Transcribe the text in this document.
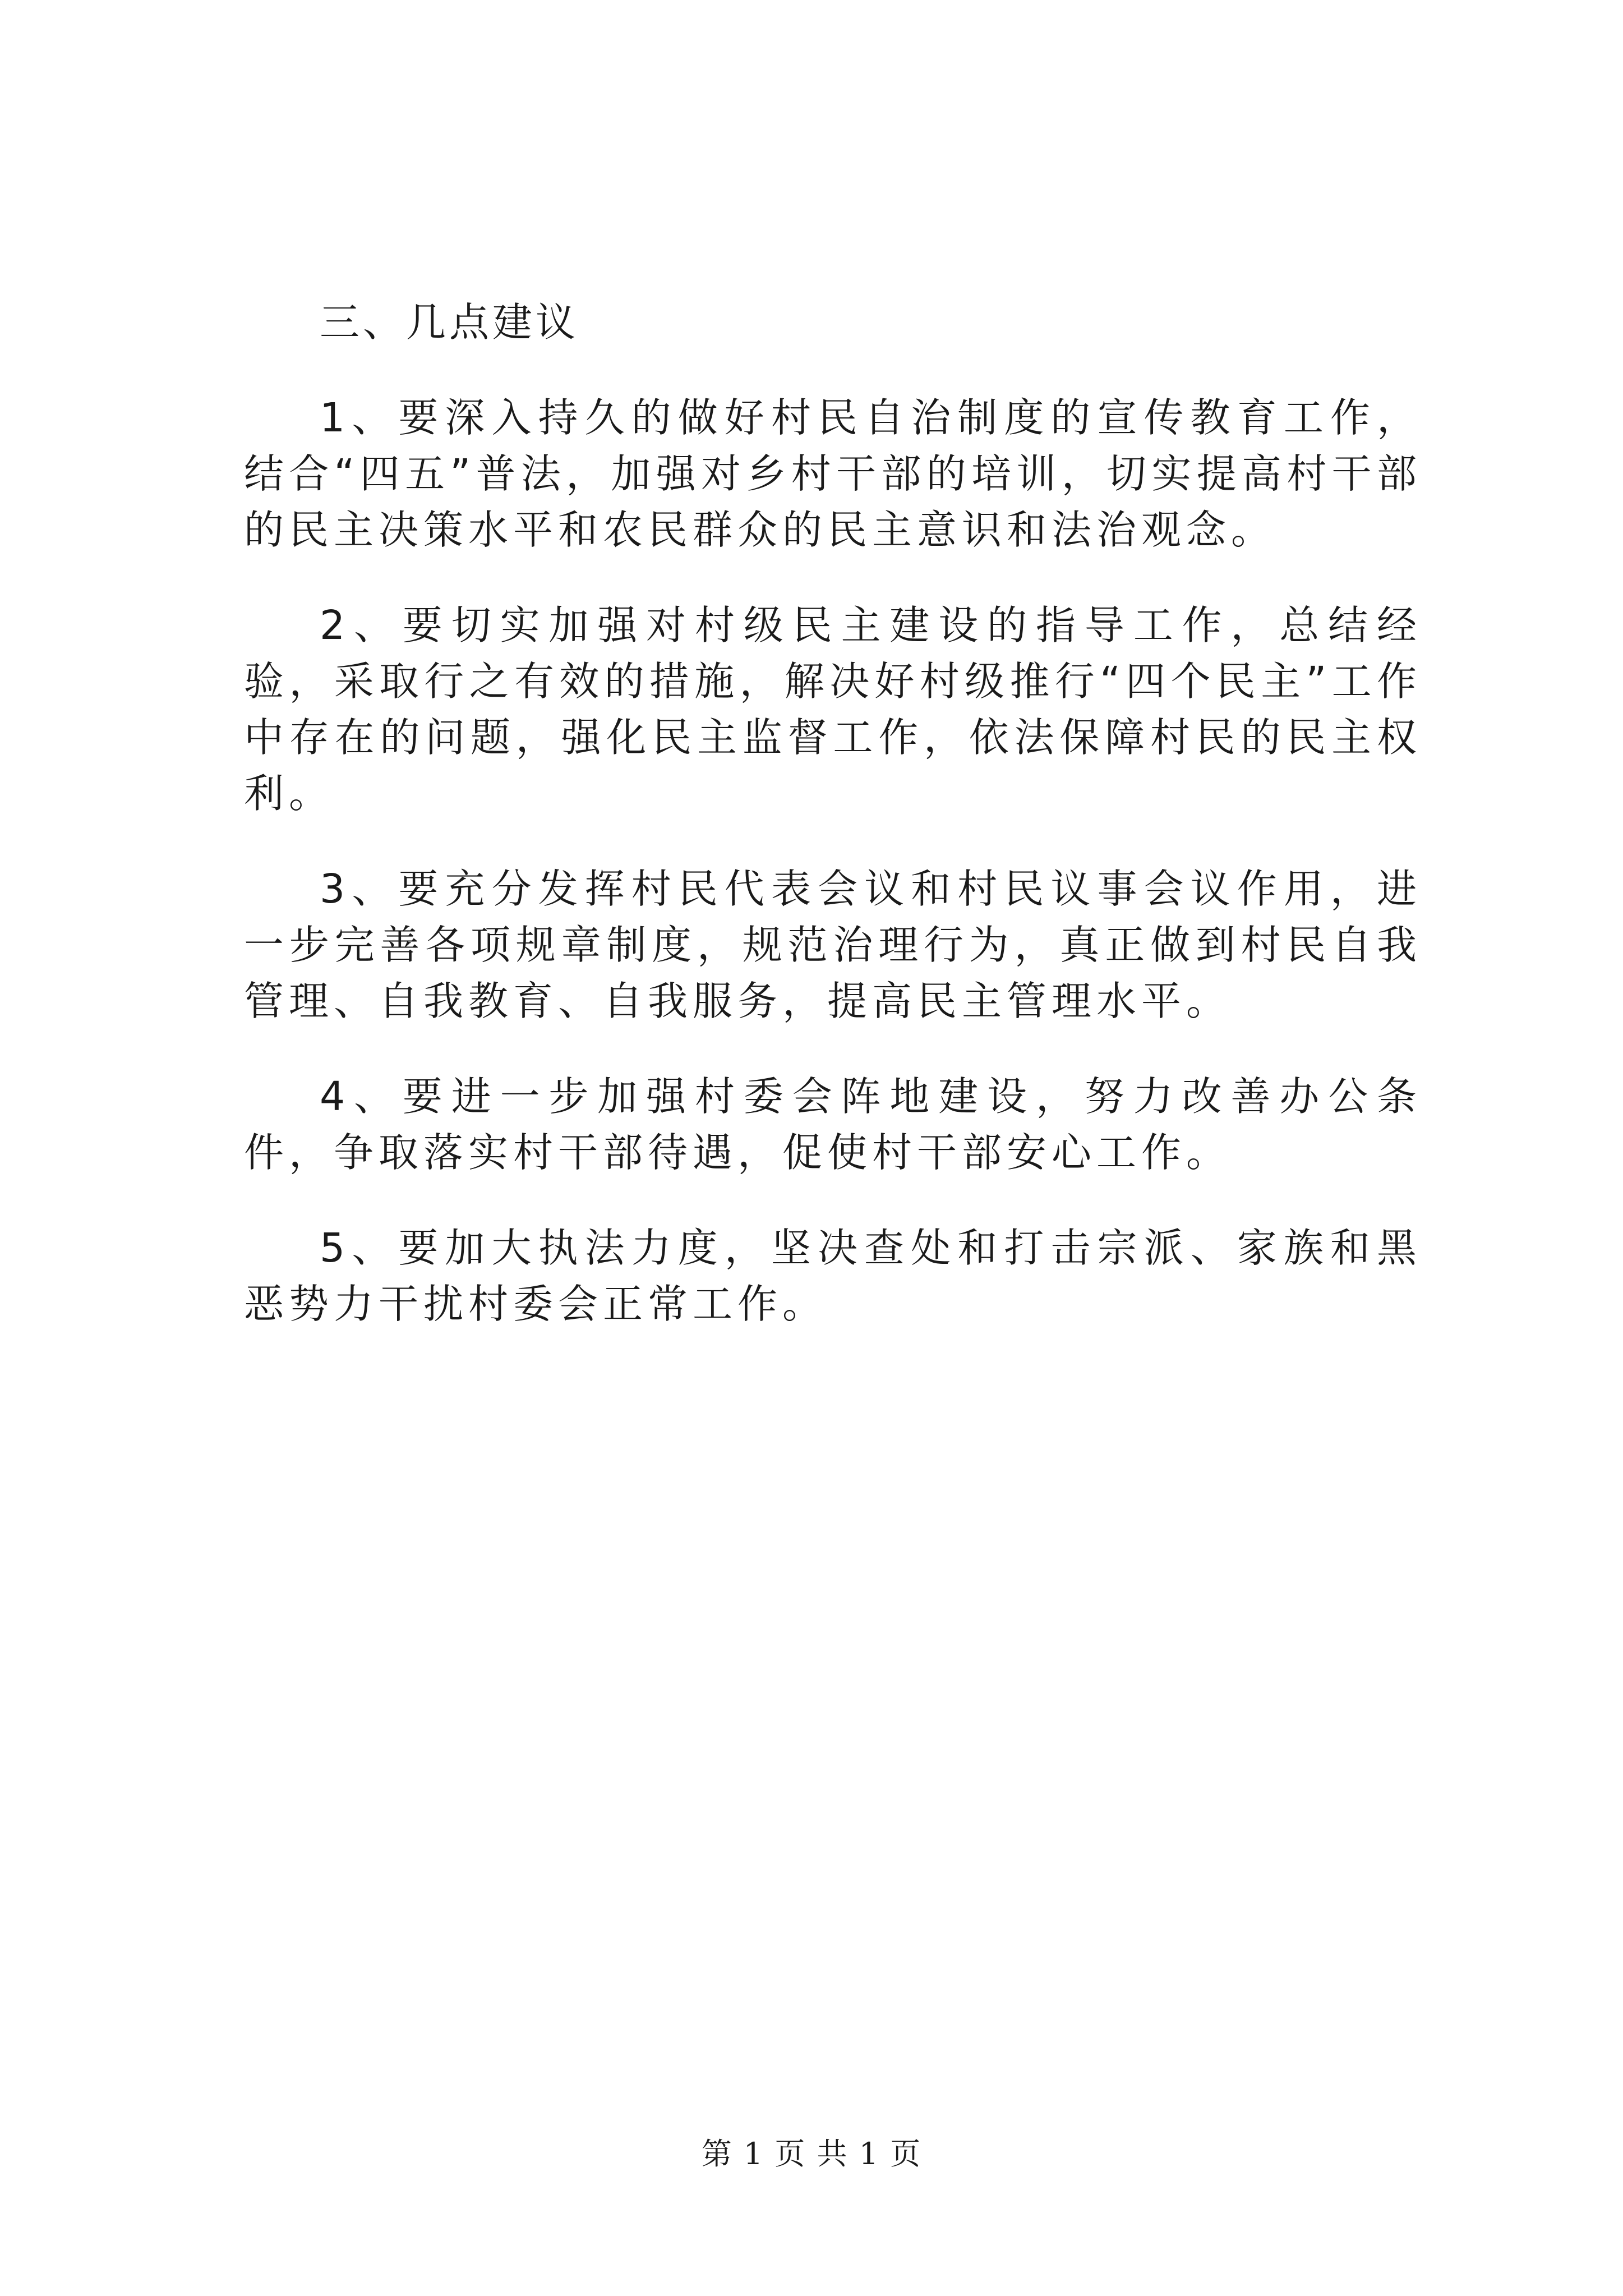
三、几点建议

1、要深入持久的做好村民自治制度的宣传教育工作，结合“四五”普法，加强对乡村干部的培训，切实提高村干部的民主决策水平和农民群众的民主意识和法治观念。

2、要切实加强对村级民主建设的指导工作，总结经验，采取行之有效的措施，解决好村级推行“四个民主”工作中存在的问题，强化民主监督工作，依法保障村民的民主权利。

3、要充分发挥村民代表会议和村民议事会议作用，进一步完善各项规章制度，规范治理行为，真正做到村民自我管理、自我教育、自我服务，提高民主管理水平。

4、要进一步加强村委会阵地建设，努力改善办公条件，争取落实村干部待遇，促使村干部安心工作。

5、要加大执法力度，坚决查处和打击宗派、家族和黑恶势力干扰村委会正常工作。

第 1 页 共 1 页
